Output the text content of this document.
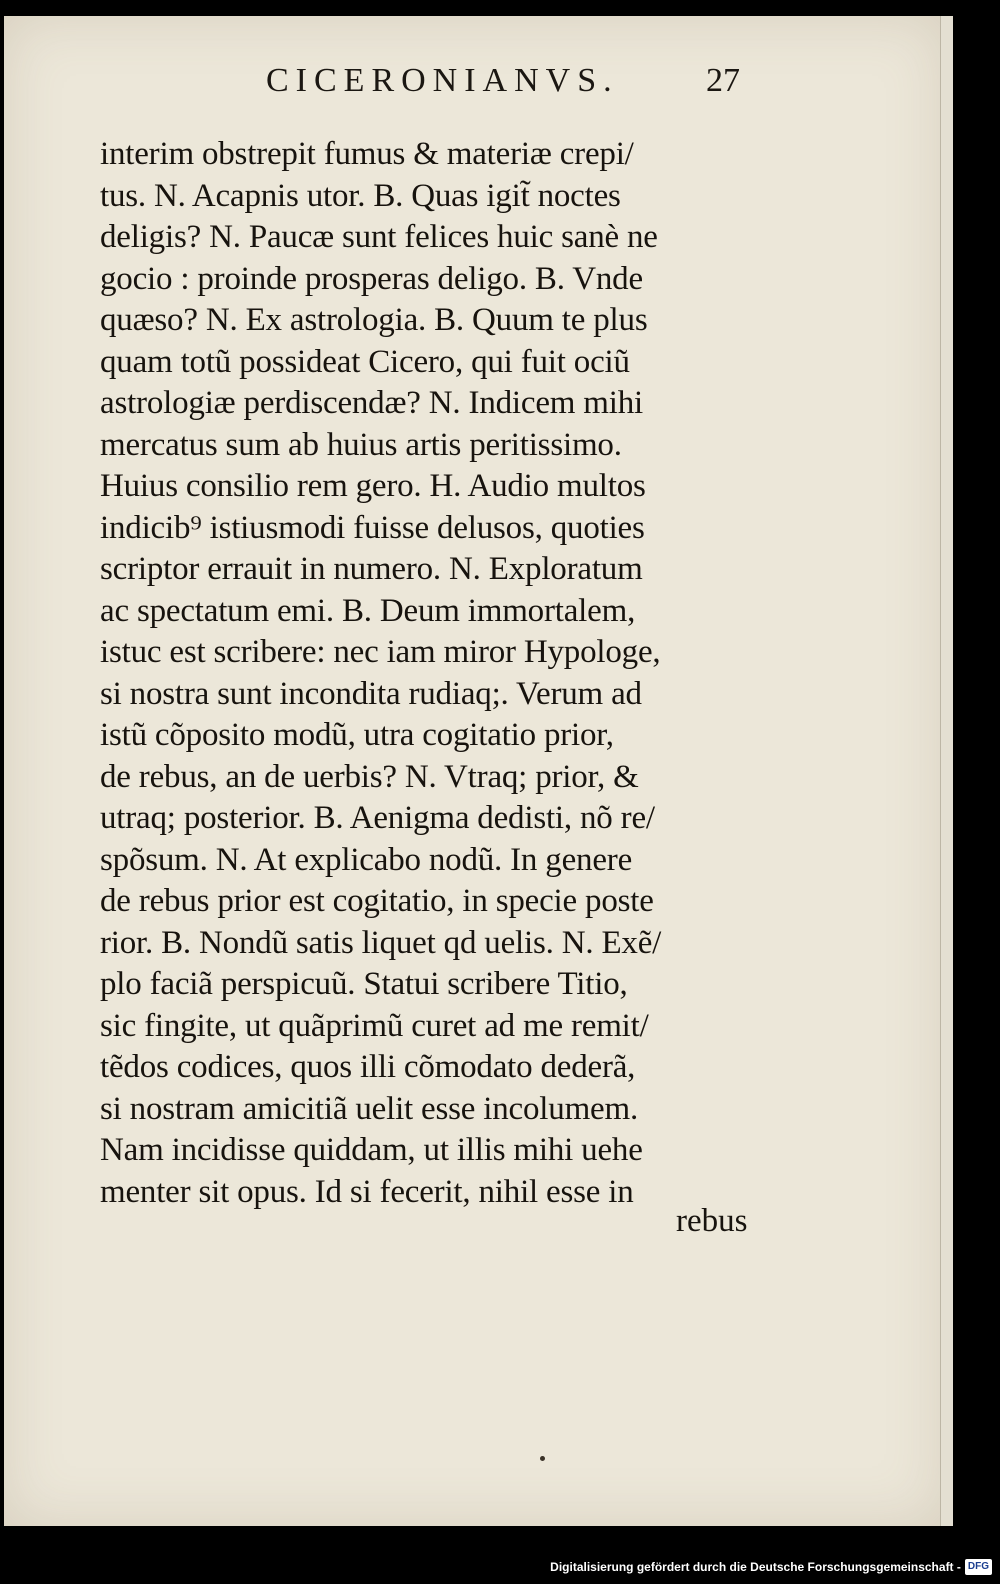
CICERONIANVS.	27
interim obstrepit fumus & materiæ crepi/
tus. N. Acapnis utor. B. Quas igit̃ noctes
deligis? N. Paucæ sunt felices huic sanè ne
gocio : proinde prosperas deligo. B. Vnde
quæso? N. Ex astrologia. B. Quum te plus
quam totũ possideat Cicero, qui fuit ociũ
astrologiæ perdiscendæ? N. Indicem mihi
mercatus sum ab huius artis peritissimo.
Huius consilio rem gero. H. Audio multos
indicib⁹ istiusmodi fuisse delusos, quoties
scriptor errauit in numero. N. Exploratum
ac spectatum emi. B. Deum immortalem,
istuc est scribere: nec iam miror Hypologe,
si nostra sunt incondita rudiaq;. Verum ad
istũ cõposito modũ, utra cogitatio prior,
de rebus, an de uerbis? N. Vtraq; prior, &
utraq; posterior. B. Aenigma dedisti, nõ re/
spõsum. N. At explicabo nodũ. In genere
de rebus prior est cogitatio, in specie poste
rior. B. Nondũ satis liquet qd uelis. N. Exẽ/
plo faciã perspicuũ. Statui scribere Titio,
sic fingite, ut quãprimũ curet ad me remit/
tẽdos codices, quos illi cõmodato dederã,
si nostram amicitiã uelit esse incolumem.
Nam incidisse quiddam, ut illis mihi uehe
menter sit opus. Id si fecerit, nihil esse in
rebus
Digitalisierung gefördert durch die Deutsche Forschungsgemeinschaft - DFG
